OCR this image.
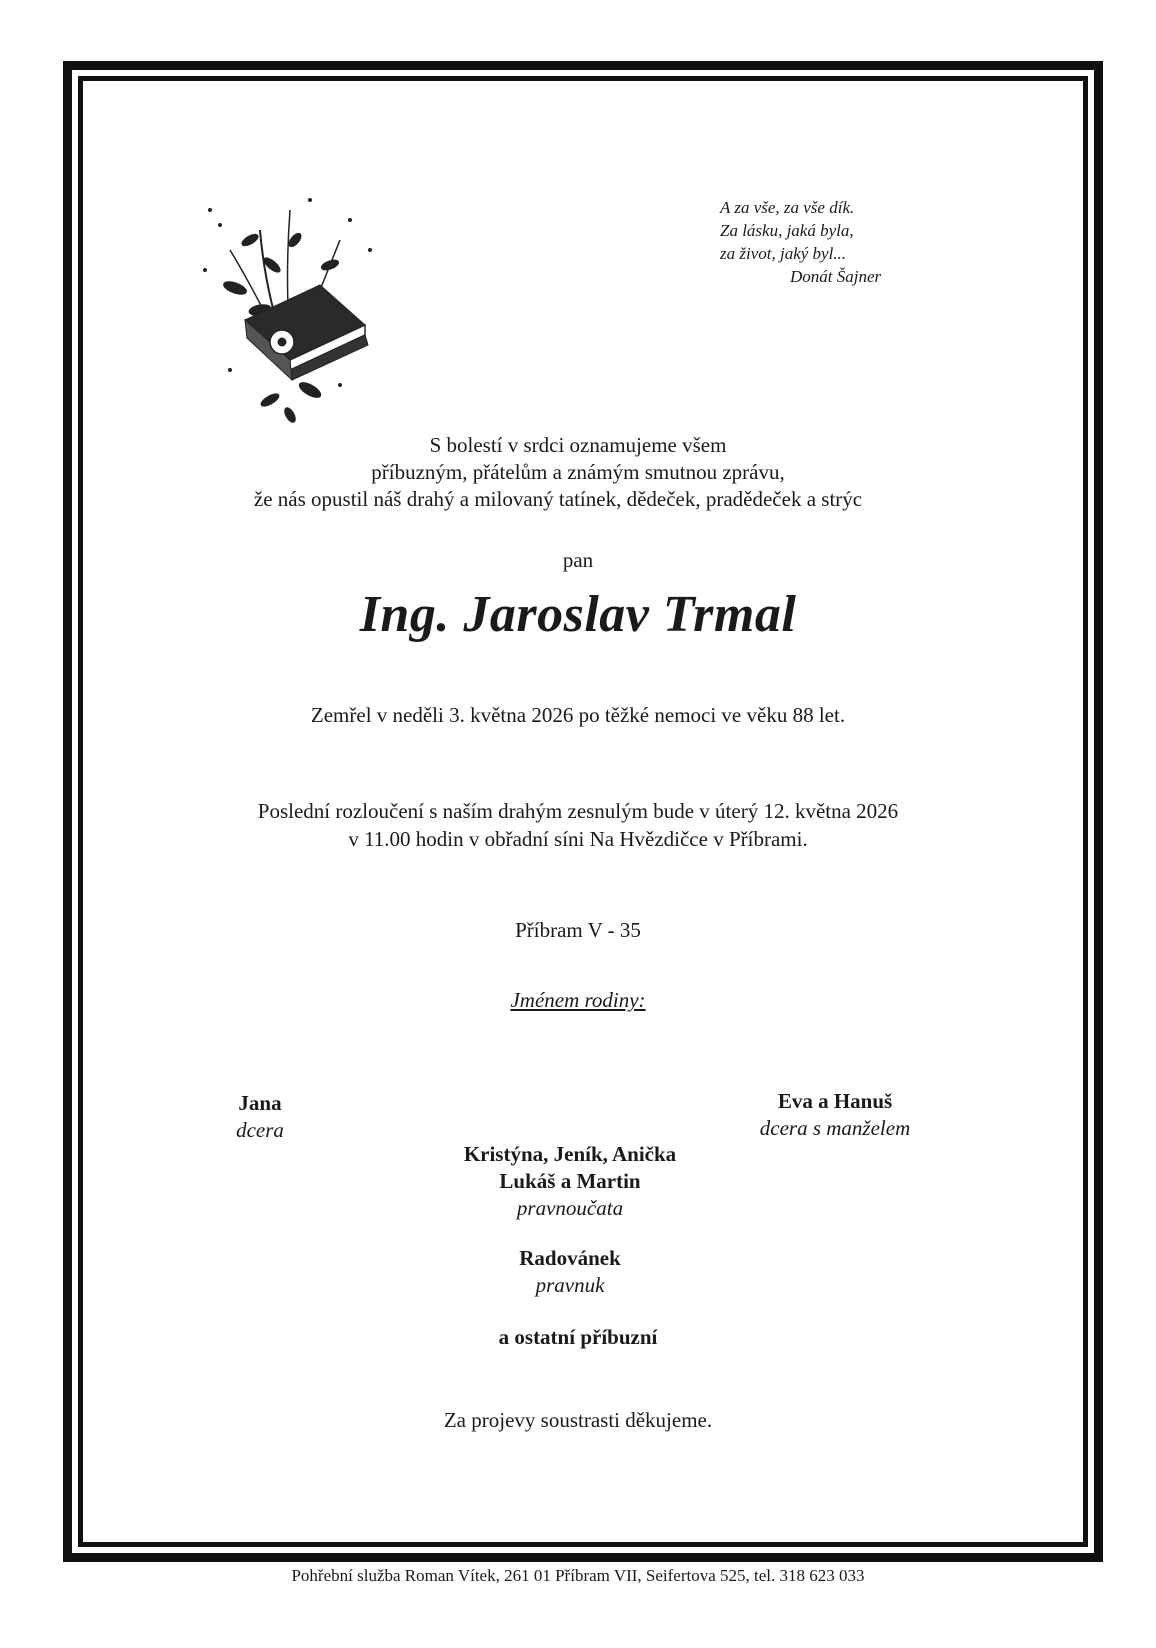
A za vše, za vše dík.
Za lásku, jaká byla,
za život, jaký byl...
Donát Šajner
S bolestí v srdci oznamujeme všem
příbuzným, přátelům a známým smutnou zprávu,
že nás opustil náš drahý a milovaný tatínek, dědeček, pradědeček a strýc
pan
Ing. Jaroslav Trmal
Zemřel v neděli 3. května 2026 po těžké nemoci ve věku 88 let.
Poslední rozloučení s naším drahým zesnulým bude v úterý 12. května 2026
v 11.00 hodin v obřadní síni Na Hvězdičce v Příbrami.
Příbram V - 35
Jménem rodiny:
Jana
dcera
Eva a Hanuš
dcera s manželem
Kristýna, Jeník, Anička
Lukáš a Martin
pravnoučata
Radovánek
pravnuk
a ostatní příbuzní
Za projevy soustrasti děkujeme.
Pohřební služba Roman Vítek, 261 01 Příbram VII, Seifertova 525, tel. 318 623 033
